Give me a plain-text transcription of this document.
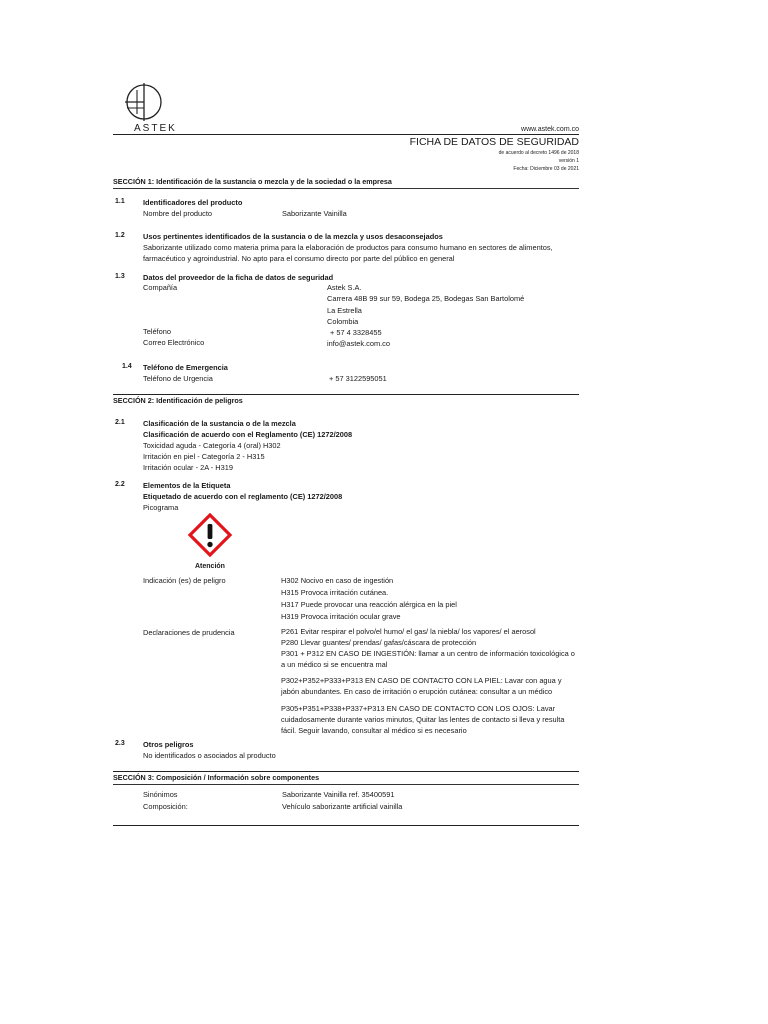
ASTEK	www.astek.com.co
FICHA DE DATOS DE SEGURIDAD
de acuerdo al decreto 1496 de 2018
versión 1
Fecha: Diciembre 03 de 2021
SECCIÓN 1: Identificación de la sustancia o mezcla y de la sociedad o la empresa
1.1 Identificadores del producto
Nombre del producto	Saborizante Vainilla
1.2 Usos pertinentes identificados de la sustancia o de la mezcla y usos desaconsejados
Saborizante utilizado como materia prima para la elaboración de productos para consumo humano en sectores de alimentos,
farmacéutico y agroindustrial. No apto para el consumo directo por parte del público en general
1.3 Datos del proveedor de la ficha de datos de seguridad
Compañía	Astek S.A.
Carrera 48B 99 sur 59, Bodega 25, Bodegas San Bartolomé
La Estrella
Colombia
Teléfono	+ 57 4 3328455
Correo Electrónico	info@astek.com.co
1.4 Teléfono de Emergencia
Teléfono de Urgencia	+ 57 3122595051
SECCIÓN 2: Identificación de peligros
2.1 Clasificación de la sustancia o de la mezcla
Clasificación de acuerdo con el Reglamento (CE) 1272/2008
Toxicidad aguda - Categoría 4 (oral) H302
Irritación en piel - Categoría 2 - H315
Irritación ocular - 2A - H319
2.2 Elementos de la Etiqueta
Etiquetado de acuerdo con el reglamento (CE) 1272/2008
Picograma
Atención
Indicación (es) de peligro	H302 Nocivo en caso de ingestión
H315 Provoca irritación cutánea.
H317 Puede provocar una reacción alérgica en la piel
H319 Provoca irritación ocular grave
Declaraciones de prudencia	P261 Evitar respirar el polvo/el humo/ el gas/ la niebla/ los vapores/ el aerosol
P280 Llevar guantes/ prendas/ gafas/cáscara de protección
P301 + P312 EN CASO DE INGESTIÓN: llamar a un centro de información toxicológica o
a un médico si se encuentra mal
P302+P352+P333+P313 EN CASO DE CONTACTO CON LA PIEL: Lavar con agua y
jabón abundantes. En caso de irritación o erupción cutánea: consultar a un médico
P305+P351+P338+P337+P313 EN CASO DE CONTACTO CON LOS OJOS: Lavar
cuidadosamente durante varios minutos, Quitar las lentes de contacto si lleva y resulta
fácil. Seguir lavando, consultar al médico si es necesario
2.3 Otros peligros
No identificados o asociados al producto
SECCIÓN 3: Composición / Información sobre componentes
Sinónimos	Saborizante Vainilla ref. 35400591
Composición:	Vehículo saborizante artificial vainilla
